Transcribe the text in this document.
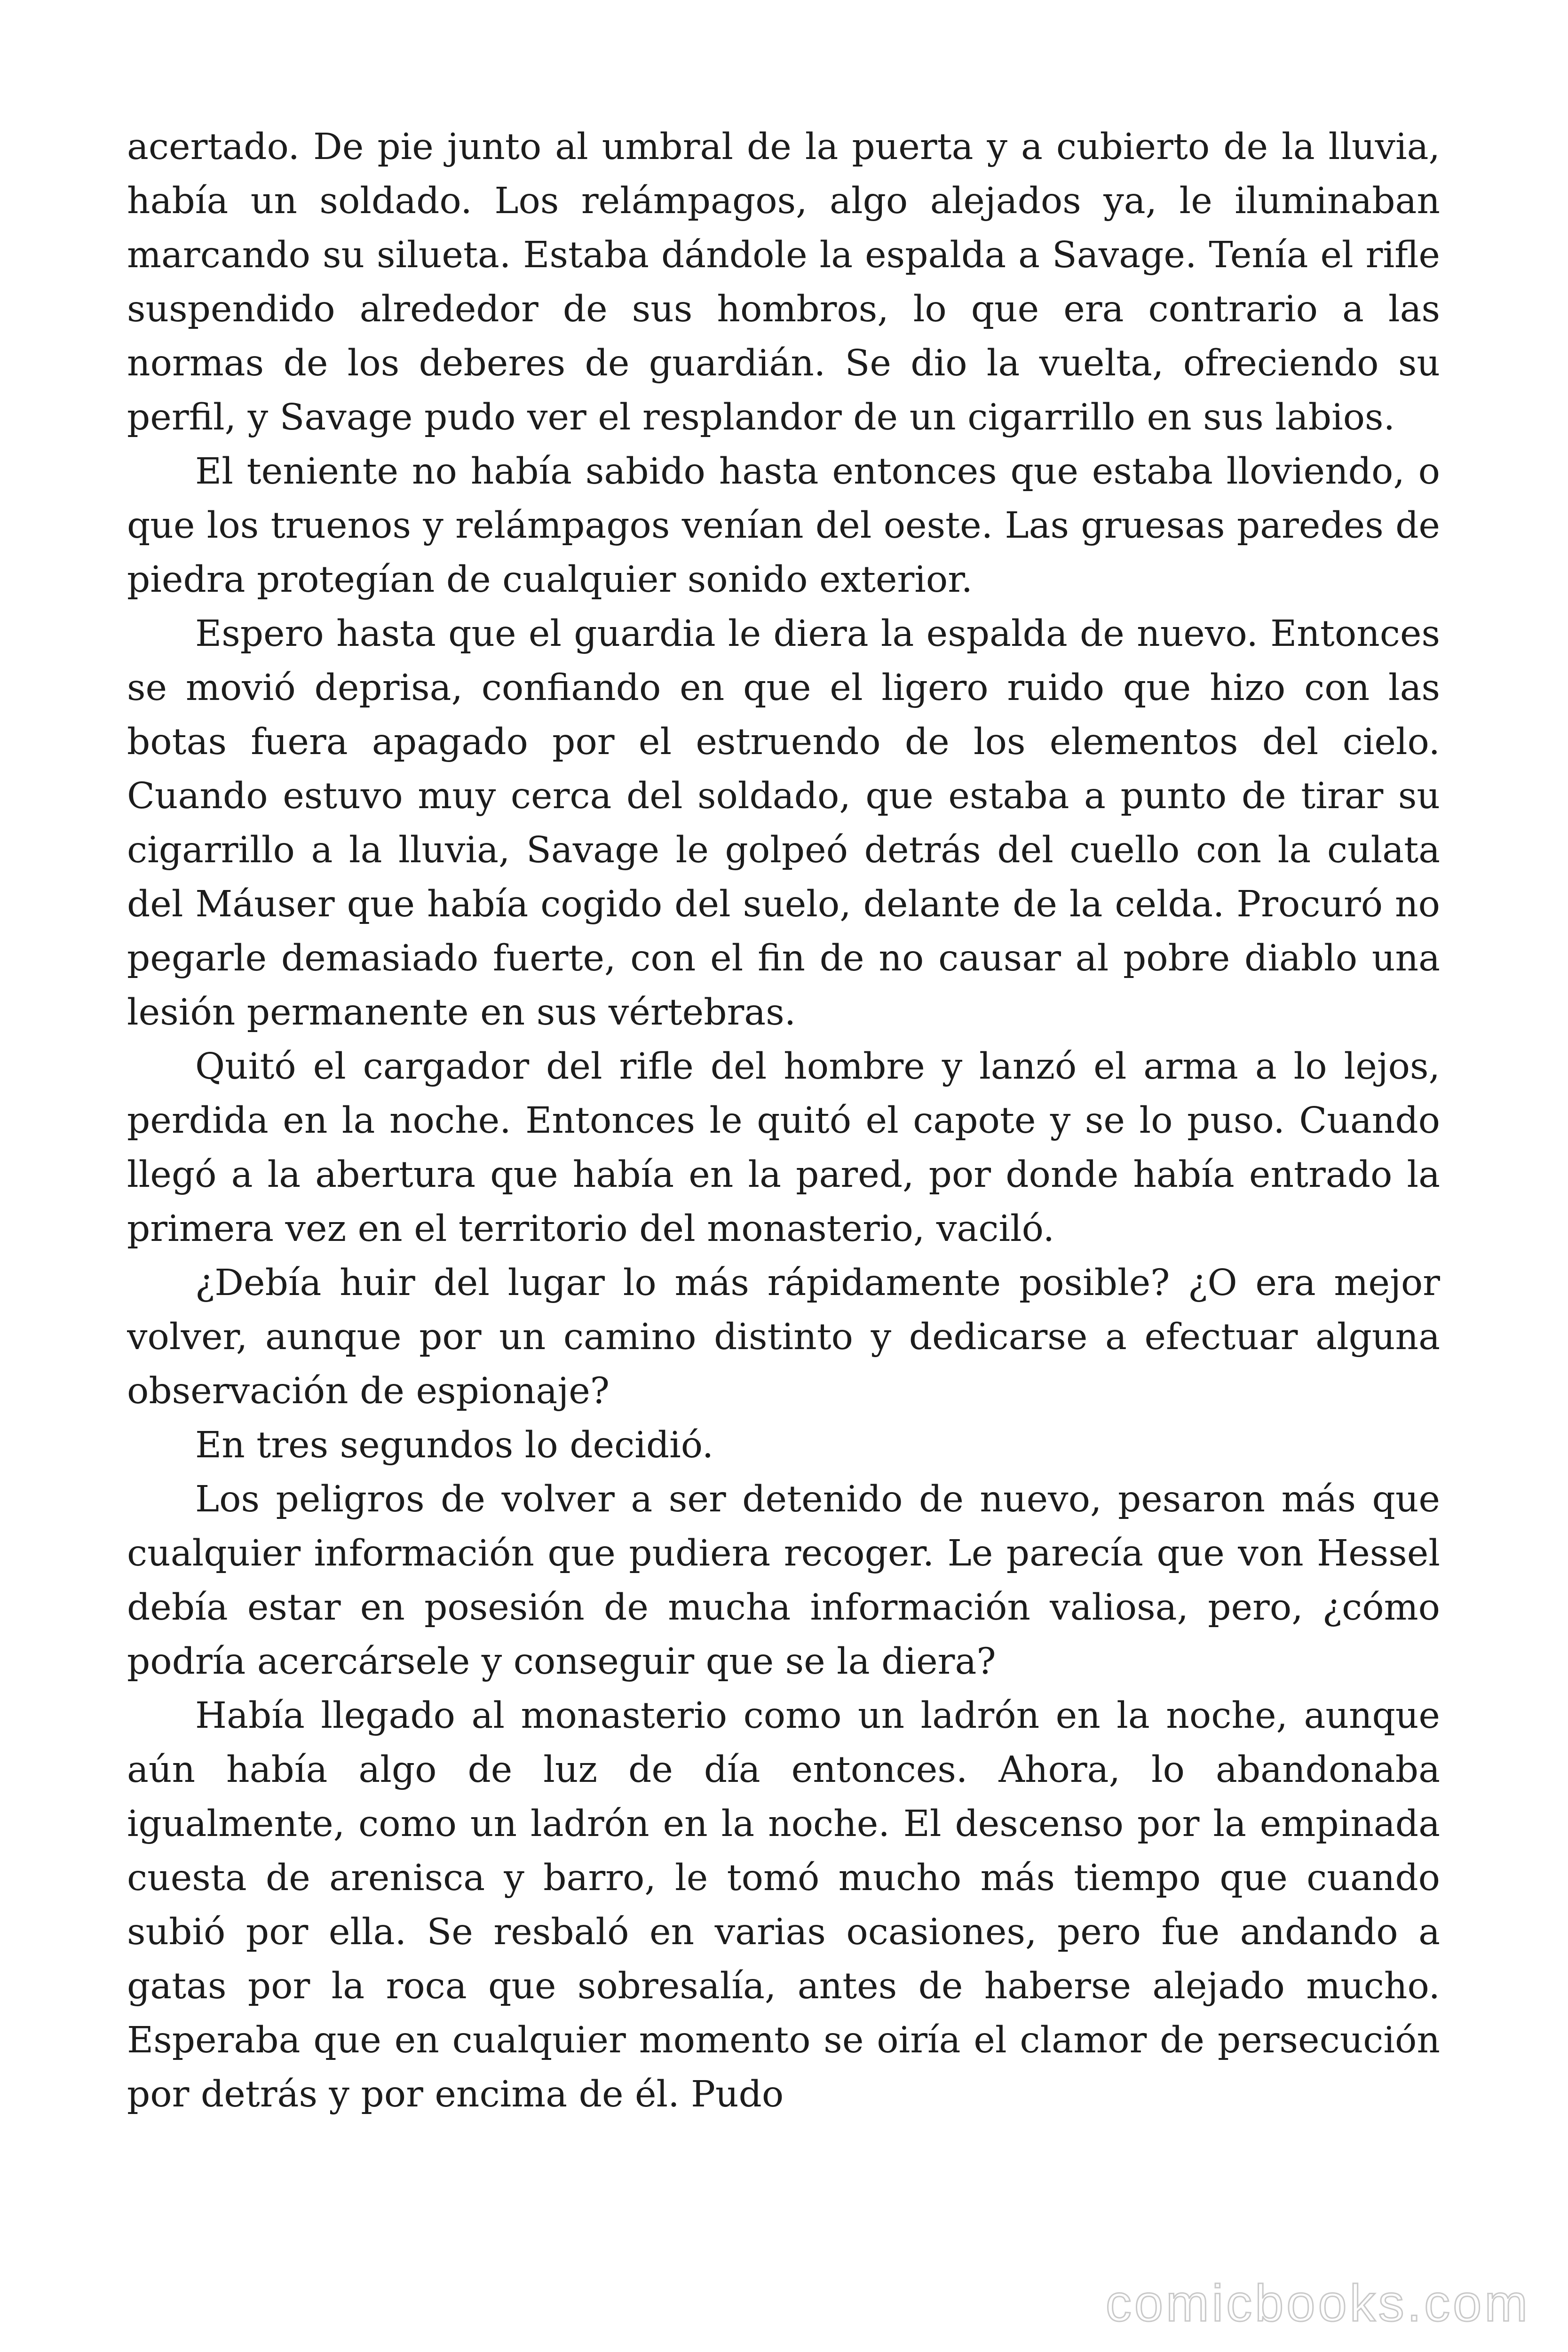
acertado. De pie junto al umbral de la puerta y a cubierto de la lluvia, había un soldado. Los relámpagos, algo alejados ya, le iluminaban marcando su silueta. Estaba dándole la espalda a Savage. Tenía el rifle suspendido alrededor de sus hombros, lo que era contrario a las normas de los deberes de guardián. Se dio la vuelta, ofreciendo su perfil, y Savage pudo ver el resplandor de un cigarrillo en sus labios.

El teniente no había sabido hasta entonces que estaba lloviendo, o que los truenos y relámpagos venían del oeste. Las gruesas paredes de piedra protegían de cualquier sonido exterior.

Espero hasta que el guardia le diera la espalda de nuevo. Entonces se movió deprisa, confiando en que el ligero ruido que hizo con las botas fuera apagado por el estruendo de los elementos del cielo. Cuando estuvo muy cerca del soldado, que estaba a punto de tirar su cigarrillo a la lluvia, Savage le golpeó detrás del cuello con la culata del Máuser que había cogido del suelo, delante de la celda. Procuró no pegarle demasiado fuerte, con el fin de no causar al pobre diablo una lesión permanente en sus vértebras.

Quitó el cargador del rifle del hombre y lanzó el arma a lo lejos, perdida en la noche. Entonces le quitó el capote y se lo puso. Cuando llegó a la abertura que había en la pared, por donde había entrado la primera vez en el territorio del monasterio, vaciló.

¿Debía huir del lugar lo más rápidamente posible? ¿O era mejor volver, aunque por un camino distinto y dedicarse a efectuar alguna observación de espionaje?

En tres segundos lo decidió.

Los peligros de volver a ser detenido de nuevo, pesaron más que cualquier información que pudiera recoger. Le parecía que von Hessel debía estar en posesión de mucha información valiosa, pero, ¿cómo podría acercársele y conseguir que se la diera?

Había llegado al monasterio como un ladrón en la noche, aunque aún había algo de luz de día entonces. Ahora, lo abandonaba igualmente, como un ladrón en la noche. El descenso por la empinada cuesta de arenisca y barro, le tomó mucho más tiempo que cuando subió por ella. Se resbaló en varias ocasiones, pero fue andando a gatas por la roca que sobresalía, antes de haberse alejado mucho. Esperaba que en cualquier momento se oiría el clamor de persecución por detrás y por encima de él. Pudo

comicbooks.com
